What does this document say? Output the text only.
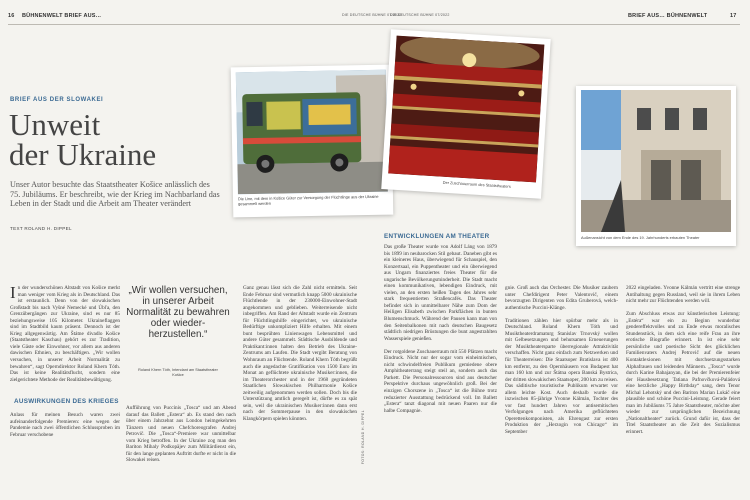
16 BÜHNENWELT BRIEF AUS…	DIE DEUTSCHE BÜHNE 07/2022
DIE DEUTSCHE BÜHNE 07/2022	BRIEF AUS… BÜHNENWELT	17
BRIEF AUS DER SLOWAKEI
Unweit
der Ukraine
Unser Autor besuchte das Staatstheater Košice anlässlich des 75. Jubiläums. Er beschreibt, wie der Krieg im Nachbarland das Leben in der Stadt und die Arbeit am Theater verändert
TEXT ROLAND H. DIPPEL
Die Line, mit dem in Košice Güter zur Versorgung der Flüchtlinge aus der Ukraine gesammelt werden
Der Zuschauerraum des Staatstheaters
Außenansicht von dem Ende des 19. Jahrhunderts erbauten Theater
AUSWIRKUNGEN DES KRIEGES
ENTWICKLUNGEN AM THEATER
In der wunderschönen Altstadt von Košice merkt man weniger vom Krieg als in Deutschland. Das ist erstaunlich. Denn von der slowakischen Großstadt bis nach Vyšné Nemecké und Úbľa, den Grenzübergängen zur Ukraine, sind es nur 85 beziehungsweise 105 Kilometer. Ukraineflaggen sind im Stadtbild kaum präsent. Dennoch ist der Krieg allgegenwärtig. Am Štátne divadlo Košice (Staatstheater Kaschau) gehört es zur Tradition, viele Gäste oder Einwohner, vor allem aus anderen dawischen Ethnien, zu beschäftigen. „Wir wollen versuchen, in unserer Arbeit Normalität zu bewahren“, sagt Operndirektor Roland Khern Tóth. Das ist keine Realitätsflucht, sondern eine zielgerichtete Methode der Realitätsbewältigung.
Anlass für meinen Besuch waren zwei aufeinanderfolgende Premieren: eine wegen der Pandemie nach zwei öffentlichen Schlussproben im Februar verschobene
„Wir wollen versuchen, in unserer Arbeit Normalität zu bewahren oder wieder-herzustellen.“
Roland Khern Tóth, Intendant am Staatstheater Košice
Aufführung von Puccinis „Tosca“ und am Abend darauf das Ballett „Estera“ ab. Es stand den nach über einem Jahrzehnt aus London heimgekehrten Tänzern und neuen Chefchoreografen Andrej Petrovič. Die „Tosca“-Premiere war unmittelbar vom Krieg betroffen. In der Ukraine zog man den Bariton Mihaly Podkopäjev zum Militärdienst ein, für den lange geplanten Auftritt durfte er nicht in die Slowakei reisen.
Ganz genau lässt sich die Zahl nicht ermitteln. Seit Ende Februar sind vermutlich knapp 5000 ukrainische Flüchtlende in der 230000-Einwohner-Stadt angekommen und geblieben. Weiterreisende nicht inbegriffen. Am Rand der Altstadt wurde ein Zentrum für Flüchtlingshilfe eingerichtet, wo ukrainische Bedürftige unkompliziert Hilfe erhalten. Mit einem bunt besprühten Linienwagen Lebensmittel und andere Güter gesammelt. Städtische Ausbildende und Praktikant:innen halten den Betrieb des Ukraine-Zentrums am Laufen. Die Stadt vergibt Beratung von Wohnraum an Flüchtende. Roland Khern Tóth begrüßt auch die angedachte Gratifikation von 1500 Euro im Monat an geflüchtete ukrainische Musiker:innen, die im Theaterorchester und in der 1968 gegründeten Staatlichen Slowakischen Philharmonie Košice zeitweilig aufgenommen werden sollen. Doch bis die Unterstützung amtlich geregelt ist, dürfte es zu spät sein, weil die ukrainischen Musiker:innen dann erst nach der Sommerpause in den slowakischen Klangkörpern spielen könnten.	FOTOS: ROLAND H. DIPPEL
Das große Theater wurde von Adolf Láng von 1879 bis 1899 im neubarocken Stil gebaut. Daneben gibt es ein kleineres Haus, überwiegend für Schauspiel, den Konzertsaal, ein Puppentheater und ein überwiegend aus Ungarn finanziertes freies Theater für die ungarische Bevölkerungsminderheit. Die Stadt macht einen kommunikativen, lebendigen Eindruck, mit vielen, an den ersten heißen Tagen des Jahres sehr stark frequentierten Straßencafés. Das Theater befindet sich in unmittelbarer Nähe zum Dom der Heiligen Elisabeth zwischen Parkflächen in bunten Blumenschmuck. Während der Pausen kann man von den Seitenbalkonen mit nach deutschen Baugesetz städtlich niedrigen Brüstungen die bunt angestrahlten Wasserspiele genießen.

Der rotgoldene Zuschauerraum mit 550 Plätzen macht Eindruck. Nicht nur der sogar vom einheimischen, nicht schwindelfreien Publikum gemiedene obere Amphitheaterrang steigt steil an, sondern auch das Parkett. Die Personalressourcen sind aus deutscher Perspektive durchaus ungewöhnlich groß. Bei der einzigen Chorszene in „Tosca“ ist die Bühne trotz reduzierter Ausstattung bedrückend voll. Im Ballett „Estera“ tanzt diagonal mit neuen Paaren nur die halbe Compagnie.
gnie. Groß auch das Orchester. Die Musiker zaubern unter Chefdirigent Peter Valentovič, einem bevorzugten Dirigenten von Edita Gruberová, welch-authentische Puccini-Klänge.

Traditionen zählen hier spürbar mehr als in Deutschland. Roland Khern Tóth und Musiktheaterdramaturg Stanislav Trnovský wollen mit Gelbesetzungen und behutsamen Erneuerungen der Musiktheatersparte überregionale Attraktivität verschaffen. Nicht ganz einfach zum Netzwerken und für Theaterreisen: Die Staatsoper Bratislava ist 400 km entfernt, zu den Opernhäusern von Budapest hat man 160 km und zur Štátna opera Banská Bystrica, der dritten slowakischen Staatsoper, 200 km zu reisen. Das säditische touristische Publikum erwartet vor allem leichte Kost. Auch deshalb wurde die inzwischen 85-jährige Yvonne Kálmán, Tochter des vor fast hundert Jahren vor antisemitischen Verfolgungen nach Amerika geflüchteten Operettenkomponisten, als Ehrengast zur ersten Produktion der „Herzogin von Chicago“ im September
2022 eingeladen. Yvonne Kálmán vertritt eine strenge Antihaltung gegen Russland, weil sie in ihrem Leben nicht mehr zur Flüchtenden werden will.

Zum Abschluss etwas zur künstlerischen Leistung: „Estéra“ war ein zu Beginn wunderbar gendereffektvolles und zu Ende etwas moralisches Stundenstück, in dem sich eine reife Frau an ihre erotische Biografie erinnert. In ist eine sehr persönliche und poetische Sicht des glücklichen Familienvaters Andrej Petrovič auf die neuen Kontaktlexionen mit durchsetzungsstarken Alphafrauen und leidenden Männern. „Tosca“ wurde durch Karine Babajanyan, die bei der Premierenfeier der Hausbesetzung Tatiana Pafnovčková-Paládová eine herzliche „Happy Birthday“ sang, dem Tenor Michal Lehotský und den Bariton Marian Lukáč eine plausible und schöne Puccini-Leistung. Gerade feiert man im Jubiläums 75 Jahre Staatstheater, möchte aber wieder zur ursprünglichen Bezeichnung „Nationaltheater“ zurück. Grund dafür ist, dass der Titel Staatstheater an die Zeit des Sozialismus erinnert.
